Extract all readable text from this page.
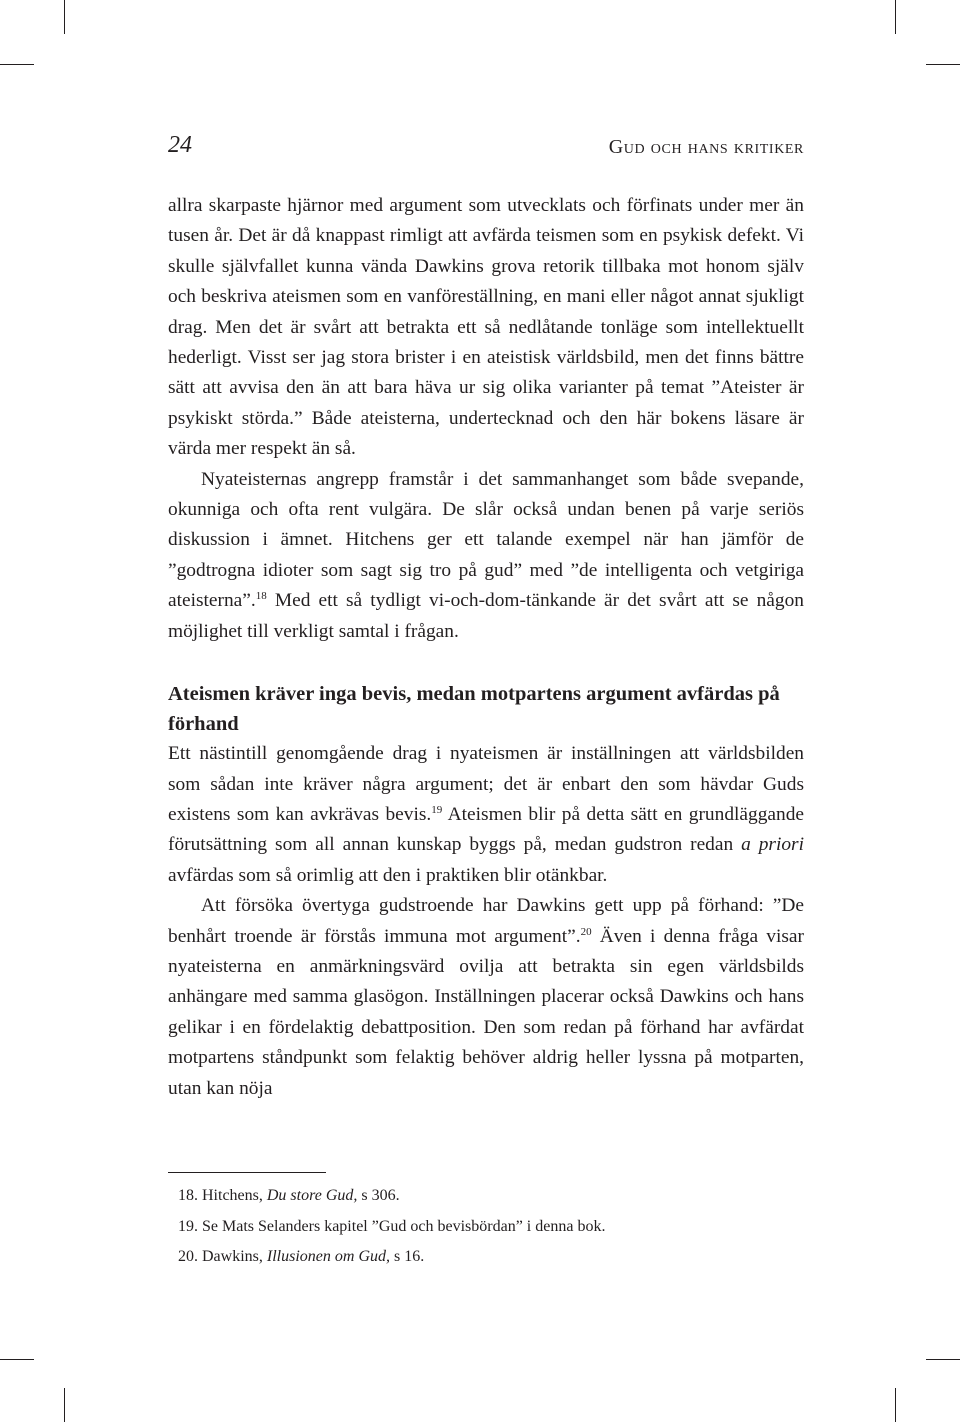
24	Gud och hans kritiker

allra skarpaste hjärnor med argument som utvecklats och förfinats under mer än tusen år. Det är då knappast rimligt att avfärda teismen som en psykisk defekt. Vi skulle självfallet kunna vända Dawkins grova retorik tillbaka mot honom själv och beskriva ateismen som en vanföreställning, en mani eller något annat sjukligt drag. Men det är svårt att betrakta ett så nedlåtande tonläge som intellektuellt hederligt. Visst ser jag stora brister i en ateistisk världsbild, men det finns bättre sätt att avvisa den än att bara häva ur sig olika varianter på temat ”Ateister är psykiskt störda.” Både ateisterna, undertecknad och den här bokens läsare är värda mer respekt än så.

Nyateisternas angrepp framstår i det sammanhanget som både svepande, okunniga och ofta rent vulgära. De slår också undan benen på varje seriös diskussion i ämnet. Hitchens ger ett talande exempel när han jämför de ”godtrogna idioter som sagt sig tro på gud” med ”de intelligenta och vetgiriga ateisterna”.$^{18}$ Med ett så tydligt vi-och-dom-tänkande är det svårt att se någon möjlighet till verkligt samtal i frågan.

Ateismen kräver inga bevis, medan motpartens argument avfärdas på förhand

Ett nästintill genomgående drag i nyateismen är inställningen att världsbilden som sådan inte kräver några argument; det är enbart den som hävdar Guds existens som kan avkrävas bevis.$^{19}$ Ateismen blir på detta sätt en grundläggande förutsättning som all annan kunskap byggs på, medan gudstron redan a priori avfärdas som så orimlig att den i praktiken blir otänkbar.

Att försöka övertyga gudstroende har Dawkins gett upp på förhand: ”De benhårt troende är förstås immuna mot argument”.$^{20}$ Även i denna fråga visar nyateisterna en anmärkningsvärd ovilja att betrakta sin egen världsbilds anhängare med samma glasögon. Inställningen placerar också Dawkins och hans gelikar i en fördelaktig debattposition. Den som redan på förhand har avfärdat motpartens ståndpunkt som felaktig behöver aldrig heller lyssna på motparten, utan kan nöja

18. Hitchens, Du store Gud, s 306.

19. Se Mats Selanders kapitel ”Gud och bevisbördan” i denna bok.

20. Dawkins, Illusionen om Gud, s 16.
